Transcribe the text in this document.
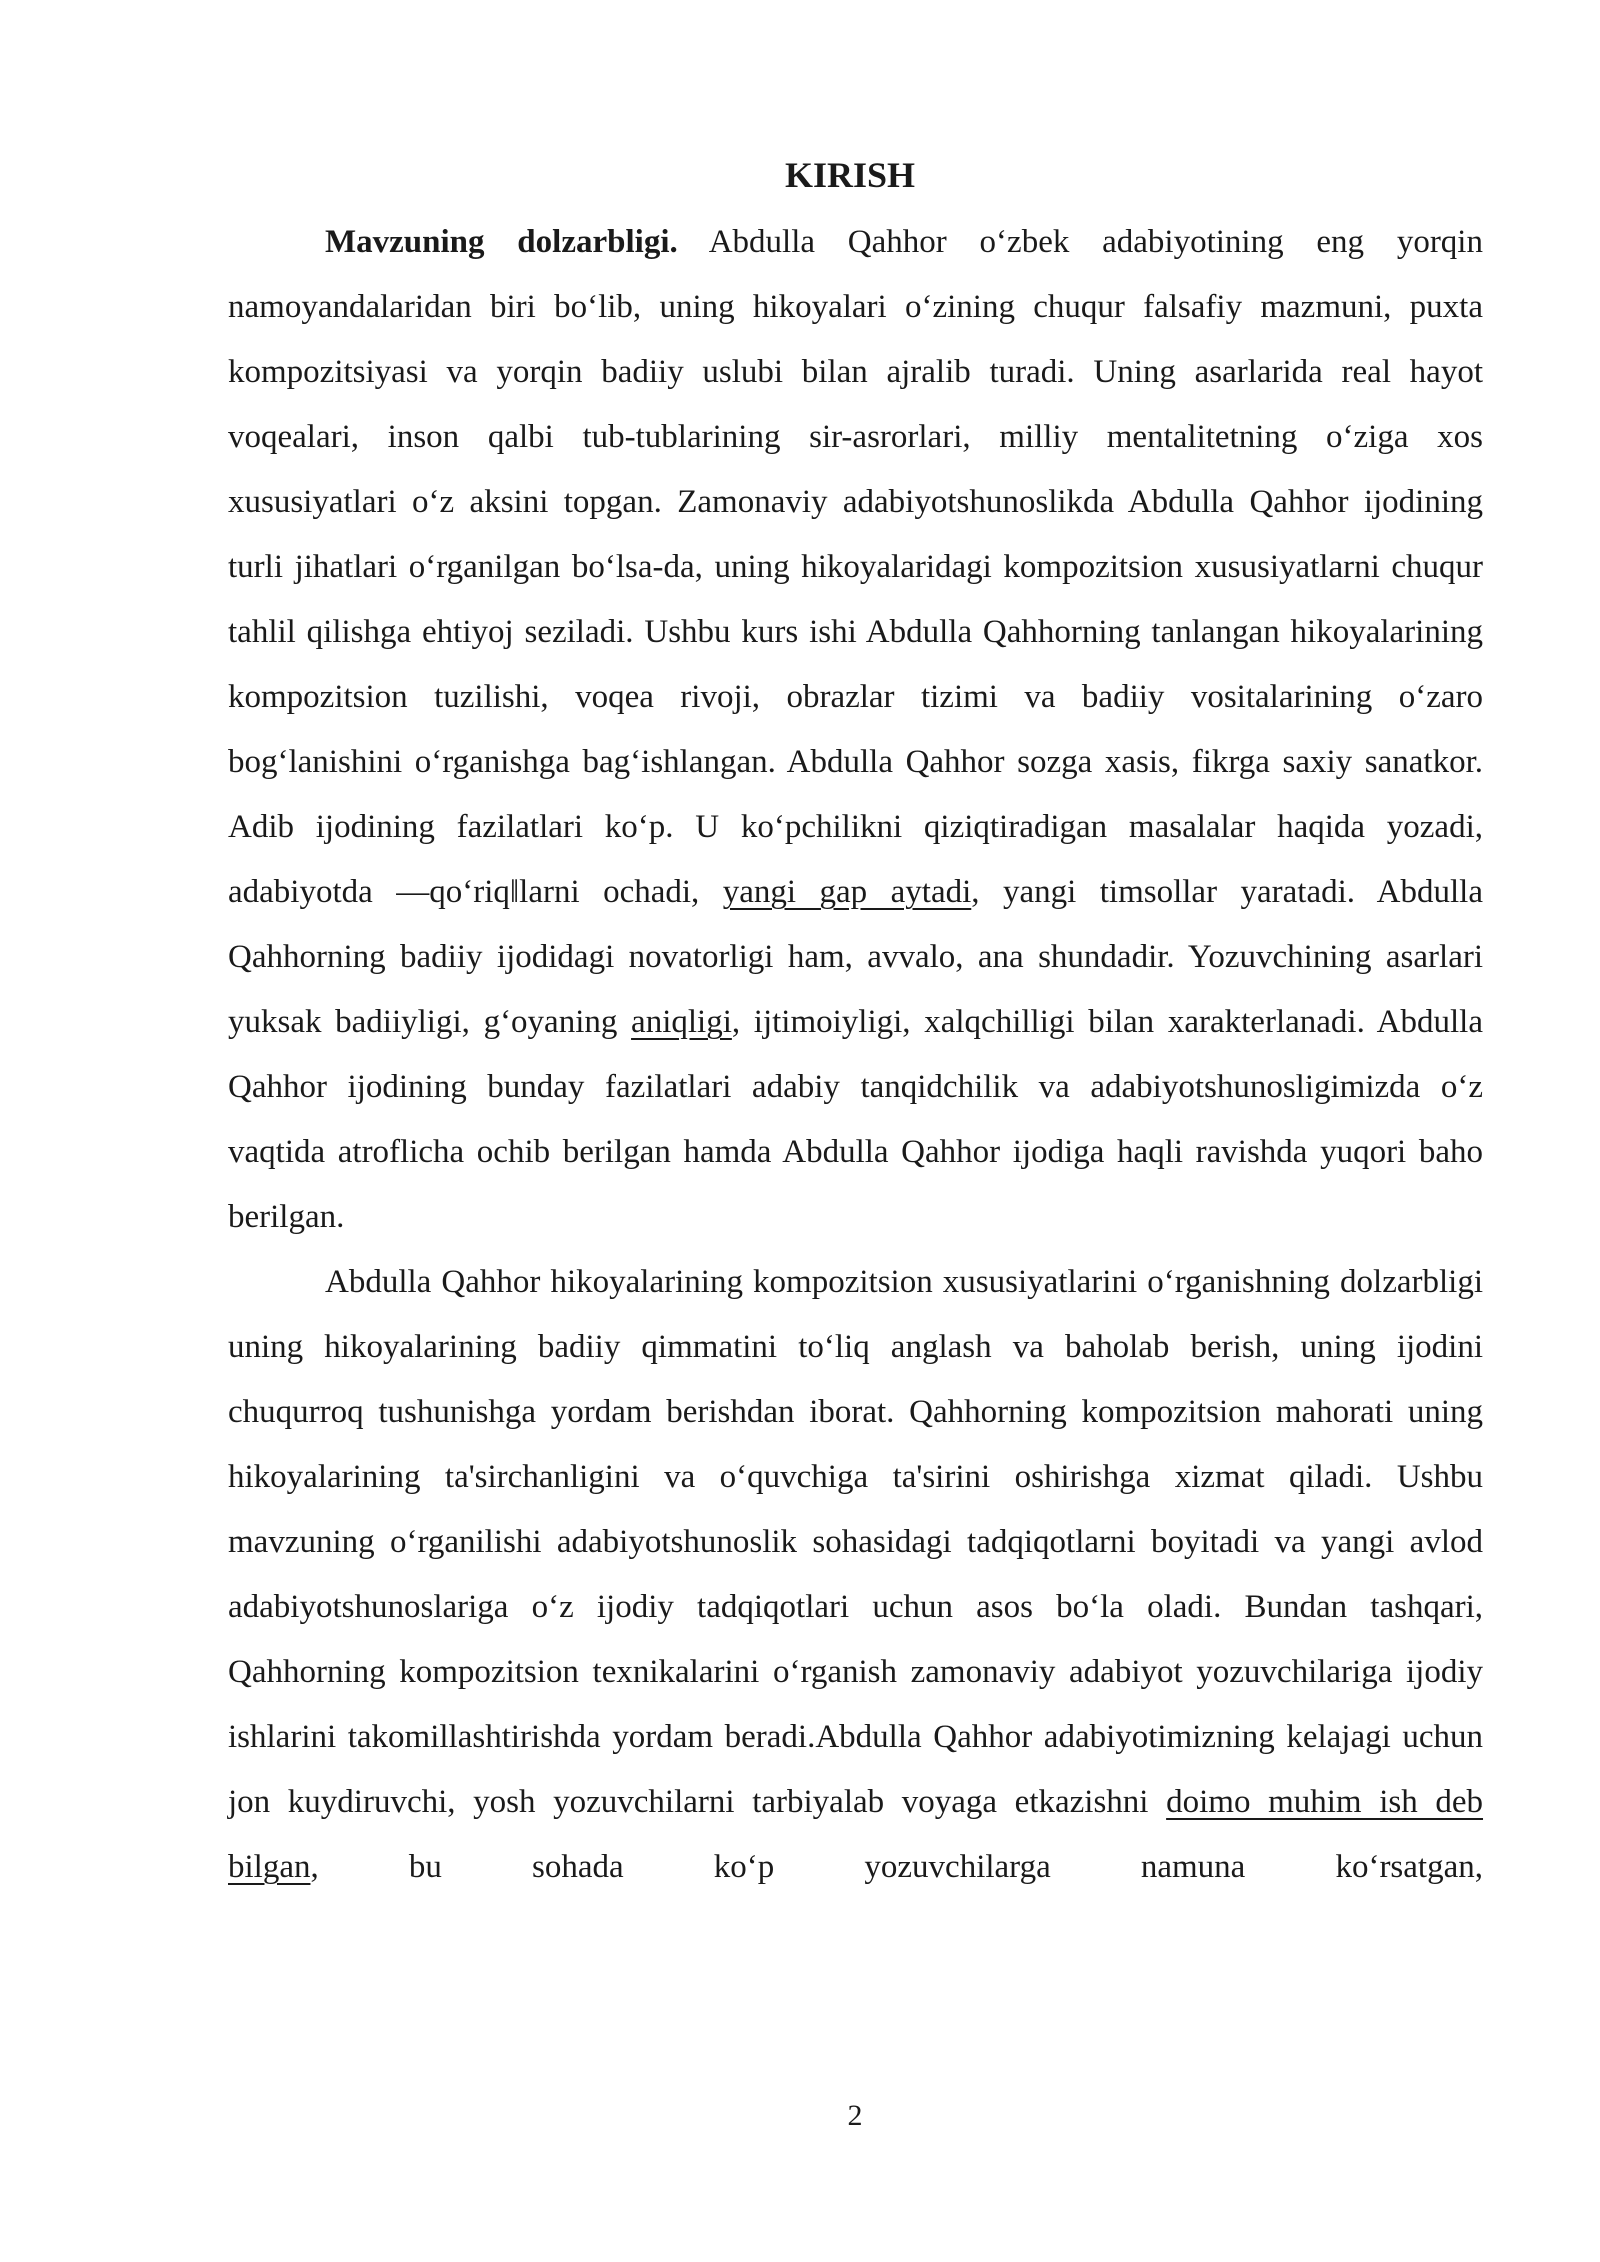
KIRISH

Mavzuning dolzarbligi. Abdulla Qahhor o‘zbek adabiyotining eng yorqin namoyandalaridan biri bo‘lib, uning hikoyalari o‘zining chuqur falsafiy mazmuni, puxta kompozitsiyasi va yorqin badiiy uslubi bilan ajralib turadi. Uning asarlarida real hayot voqealari, inson qalbi tub-tublarining sir-asrorlari, milliy mentalitetning o‘ziga xos xususiyatlari o‘z aksini topgan. Zamonaviy adabiyotshunoslikda Abdulla Qahhor ijodining turli jihatlari o‘rganilgan bo‘lsa-da, uning hikoyalaridagi kompozitsion xususiyatlarni chuqur tahlil qilishga ehtiyoj seziladi. Ushbu kurs ishi Abdulla Qahhorning tanlangan hikoyalarining kompozitsion tuzilishi, voqea rivoji, obrazlar tizimi va badiiy vositalarining o‘zaro bog‘lanishini o‘rganishga bag‘ishlangan. Abdulla Qahhor sozga xasis, fikrga saxiy sanatkor. Adib ijodining fazilatlari ko‘p. U ko‘pchilikni qiziqtiradigan masalalar haqida yozadi, adabiyotda ―qo‘riq‖larni ochadi, yangi gap aytadi, yangi timsollar yaratadi. Abdulla Qahhorning badiiy ijodidagi novatorligi ham, avvalo, ana shundadir. Yozuvchining asarlari yuksak badiiyligi, g‘oyaning aniqligi, ijtimoiyligi, xalqchilligi bilan xarakterlanadi. Abdulla Qahhor ijodining bunday fazilatlari adabiy tanqidchilik va adabiyotshunosligimizda o‘z vaqtida atroflicha ochib berilgan hamda Abdulla Qahhor ijodiga haqli ravishda yuqori baho berilgan.

Abdulla Qahhor hikoyalarining kompozitsion xususiyatlarini o‘rganishning dolzarbligi uning hikoyalarining badiiy qimmatini to‘liq anglash va baholab berish, uning ijodini chuqurroq tushunishga yordam berishdan iborat. Qahhorning kompozitsion mahorati uning hikoyalarining ta'sirchanligini va o‘quvchiga ta'sirini oshirishga xizmat qiladi. Ushbu mavzuning o‘rganilishi adabiyotshunoslik sohasidagi tadqiqotlarni boyitadi va yangi avlod adabiyotshunoslariga o‘z ijodiy tadqiqotlari uchun asos bo‘la oladi. Bundan tashqari, Qahhorning kompozitsion texnikalarini o‘rganish zamonaviy adabiyot yozuvchilariga ijodiy ishlarini takomillashtirishda yordam beradi.Abdulla Qahhor adabiyotimizning kelajagi uchun jon kuydiruvchi, yosh yozuvchilarni tarbiyalab voyaga etkazishni doimo muhim ish deb bilgan, bu sohada ko‘p yozuvchilarga namuna ko‘rsatgan,

2
